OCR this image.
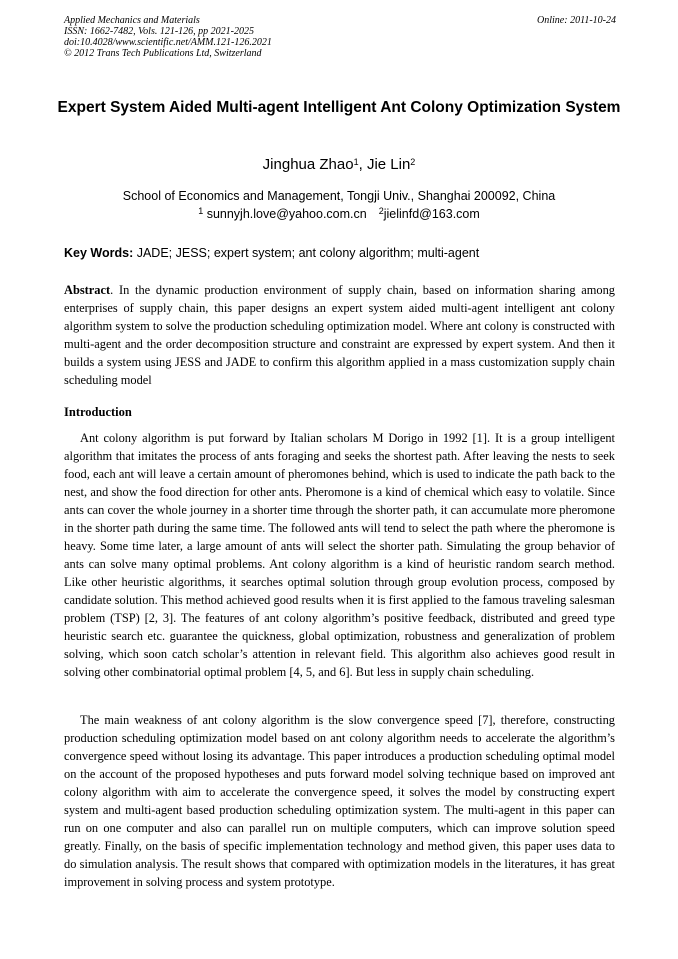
Applied Mechanics and Materials
ISSN: 1662-7482, Vols. 121-126, pp 2021-2025
doi:10.4028/www.scientific.net/AMM.121-126.2021
© 2012 Trans Tech Publications Ltd, Switzerland
Online: 2011-10-24
Expert System Aided Multi-agent Intelligent Ant Colony Optimization System
Jinghua Zhao$^1$, Jie Lin$^2$
School of Economics and Management, Tongji Univ., Shanghai 200092, China
$^1$ sunnyjh.love@yahoo.com.cn $^2$jielinfd@163.com
Key Words: JADE; JESS; expert system; ant colony algorithm; multi-agent
Abstract. In the dynamic production environment of supply chain, based on information sharing among enterprises of supply chain, this paper designs an expert system aided multi-agent intelligent ant colony algorithm system to solve the production scheduling optimization model. Where ant colony is constructed with multi-agent and the order decomposition structure and constraint are expressed by expert system. And then it builds a system using JESS and JADE to confirm this algorithm applied in a mass customization supply chain scheduling model
Introduction

Ant colony algorithm is put forward by Italian scholars M Dorigo in 1992 [1]. It is a group intelligent algorithm that imitates the process of ants foraging and seeks the shortest path. After leaving the nests to seek food, each ant will leave a certain amount of pheromones behind, which is used to indicate the path back to the nest, and show the food direction for other ants. Pheromone is a kind of chemical which easy to volatile. Since ants can cover the whole journey in a shorter time through the shorter path, it can accumulate more pheromone in the shorter path during the same time. The followed ants will tend to select the path where the pheromone is heavy. Some time later, a large amount of ants will select the shorter path. Simulating the group behavior of ants can solve many optimal problems. Ant colony algorithm is a kind of heuristic random search method. Like other heuristic algorithms, it searches optimal solution through group evolution process, composed by candidate solution. This method achieved good results when it is first applied to the famous traveling salesman problem (TSP) [2, 3]. The features of ant colony algorithm’s positive feedback, distributed and greed type heuristic search etc. guarantee the quickness, global optimization, robustness and generalization of problem solving, which soon catch scholar’s attention in relevant field. This algorithm also achieves good result in solving other combinatorial optimal problem [4, 5, and 6]. But less in supply chain scheduling.

The main weakness of ant colony algorithm is the slow convergence speed [7], therefore, constructing production scheduling optimization model based on ant colony algorithm needs to accelerate the algorithm’s convergence speed without losing its advantage. This paper introduces a production scheduling optimal model on the account of the proposed hypotheses and puts forward model solving technique based on improved ant colony algorithm with aim to accelerate the convergence speed, it solves the model by constructing expert system and multi-agent based production scheduling optimization system. The multi-agent in this paper can run on one computer and also can parallel run on multiple computers, which can improve solution speed greatly. Finally, on the basis of specific implementation technology and method given, this paper uses data to do simulation analysis. The result shows that compared with optimization models in the literatures, it has great improvement in solving process and system prototype.
